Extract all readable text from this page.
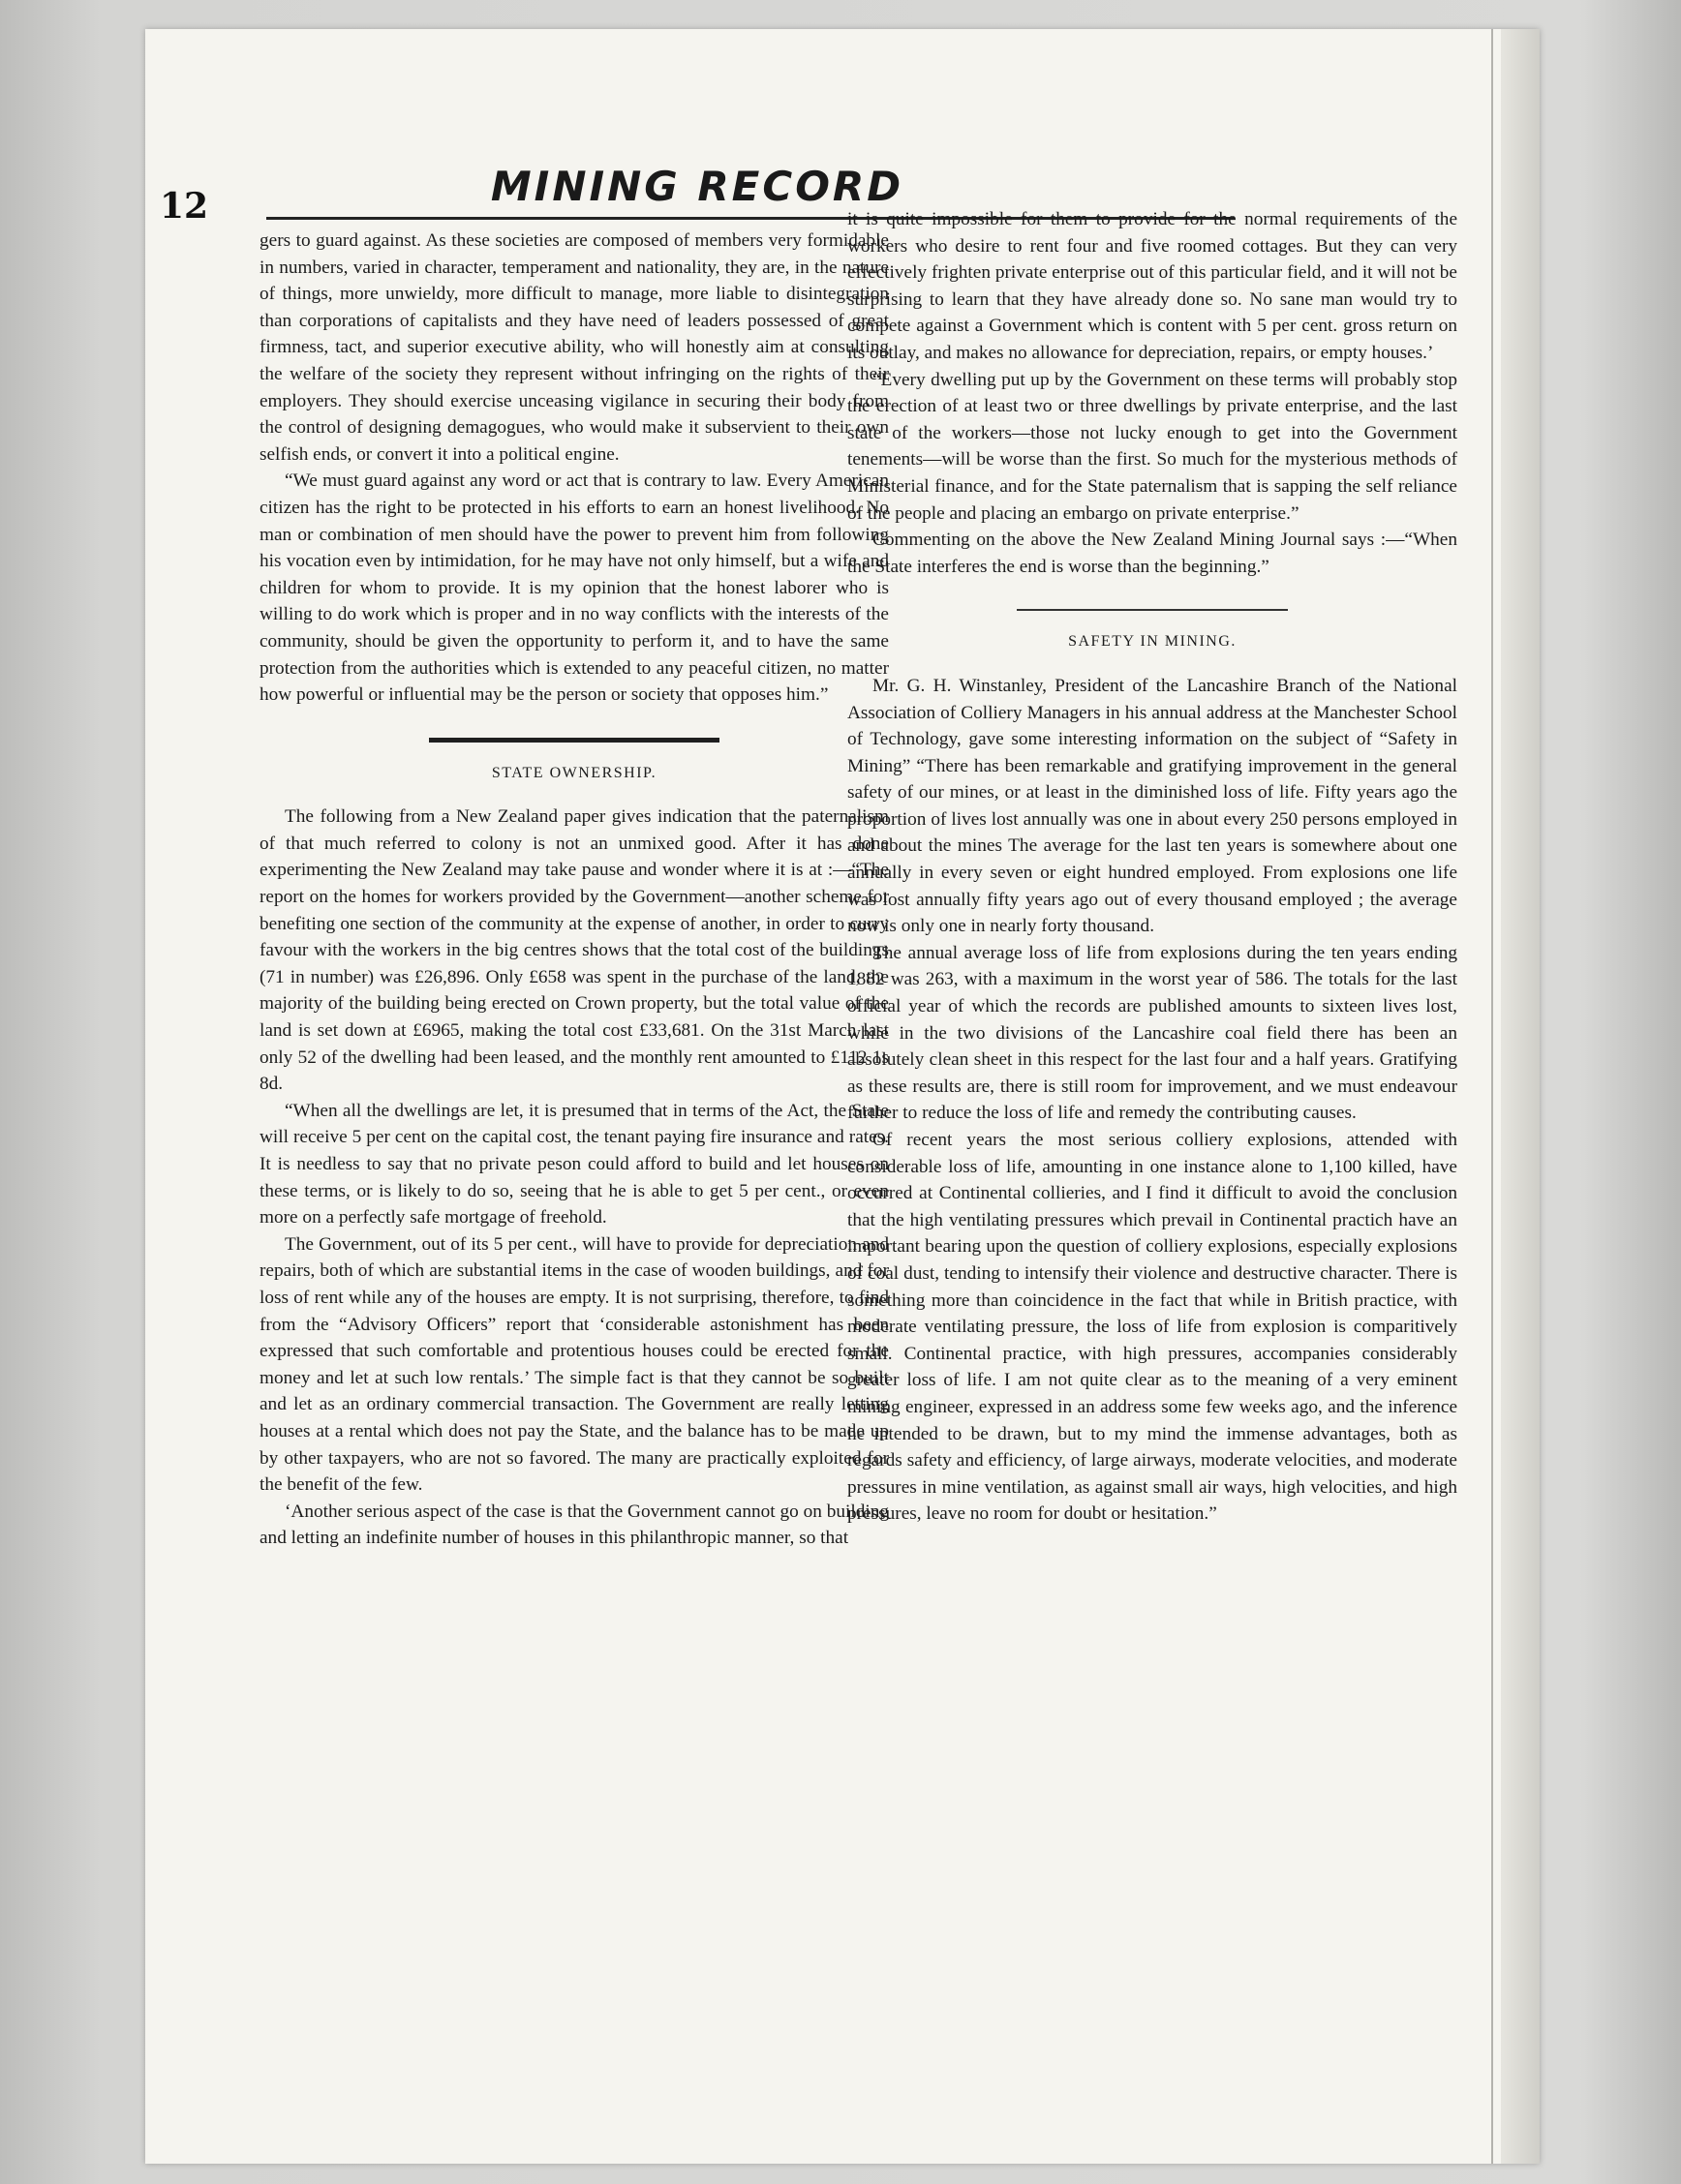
12	MINING RECORD

gers to guard against. As these societies are composed of members very formidable in numbers, varied in character, temperament and nationality, they are, in the nature of things, more unwieldy, more difficult to manage, more liable to disintegration than corporations of capitalists and they have need of leaders possessed of great firmness, tact, and superior executive ability, who will honestly aim at consulting the welfare of the society they represent without infringing on the rights of their employers. They should exercise unceasing vigilance in securing their body from the control of designing demagogues, who would make it subservient to their own selfish ends, or convert it into a political engine.

“We must guard against any word or act that is contrary to law. Every American citizen has the right to be protected in his efforts to earn an honest livelihood. No man or combination of men should have the power to prevent him from following his vocation even by intimidation, for he may have not only himself, but a wife and children for whom to provide. It is my opinion that the honest laborer who is willing to do work which is proper and in no way conflicts with the interests of the community, should be given the opportunity to perform it, and to have the same protection from the authorities which is extended to any peaceful citizen, no matter how powerful or influential may be the person or society that opposes him.”

STATE OWNERSHIP.

The following from a New Zealand paper gives indication that the paternalism of that much referred to colony is not an unmixed good. After it has done experimenting the New Zealand may take pause and wonder where it is at :—“The report on the homes for workers provided by the Government—another scheme for benefiting one section of the community at the expense of another, in order to curry favour with the workers in the big centres shows that the total cost of the buildings (71 in number) was £26,896. Only £658 was spent in the purchase of the land, the majority of the building being erected on Crown property, but the total value of the land is set down at £6965, making the total cost £33,681. On the 31st March last only 52 of the dwelling had been leased, and the monthly rent amounted to £112 1s 8d.

“When all the dwellings are let, it is presumed that in terms of the Act, the State will receive 5 per cent on the capital cost, the tenant paying fire insurance and rates. It is needless to say that no private peson could afford to build and let houses on these terms, or is likely to do so, seeing that he is able to get 5 per cent., or even more on a perfectly safe mortgage of freehold.

The Government, out of its 5 per cent., will have to provide for depreciation and repairs, both of which are substantial items in the case of wooden buildings, and for loss of rent while any of the houses are empty. It is not surprising, therefore, to find from the “Advisory Officers” report that ‘considerable astonishment has been expressed that such comfortable and protentious houses could be erected for the money and let at such low rentals.’ The simple fact is that they cannot be so built and let as an ordinary commercial transaction. The Government are really letting houses at a rental which does not pay the State, and the balance has to be made up by other taxpayers, who are not so favored. The many are practically exploited for the benefit of the few.

‘Another serious aspect of the case is that the Government cannot go on building and letting an indefinite number of houses in this philanthropic manner, so that

it is quite impossible for them to provide for the normal requirements of the workers who desire to rent four and five roomed cottages. But they can very effectively frighten private enterprise out of this particular field, and it will not be surprising to learn that they have already done so. No sane man would try to compete against a Government which is content with 5 per cent. gross return on its outlay, and makes no allowance for depreciation, repairs, or empty houses.’

“Every dwelling put up by the Government on these terms will probably stop the erection of at least two or three dwellings by private enterprise, and the last state of the workers—those not lucky enough to get into the Government tenements—will be worse than the first. So much for the mysterious methods of Ministerial finance, and for the State paternalism that is sapping the self reliance of the people and placing an embargo on private enterprise.”

Commenting on the above the New Zealand Mining Journal says :—“When the State interferes the end is worse than the beginning.”

SAFETY IN MINING.

Mr. G. H. Winstanley, President of the Lancashire Branch of the National Association of Colliery Managers in his annual address at the Manchester School of Technology, gave some interesting information on the subject of “Safety in Mining” “There has been remarkable and gratifying improvement in the general safety of our mines, or at least in the diminished loss of life. Fifty years ago the proportion of lives lost annually was one in about every 250 persons employed in and about the mines The average for the last ten years is somewhere about one annually in every seven or eight hundred employed. From explosions one life was lost annually fifty years ago out of every thousand employed ; the average now is only one in nearly forty thousand.

The annual average loss of life from explosions during the ten years ending 1882 was 263, with a maximum in the worst year of 586. The totals for the last official year of which the records are published amounts to sixteen lives lost, while in the two divisions of the Lancashire coal field there has been an absolutely clean sheet in this respect for the last four and a half years. Gratifying as these results are, there is still room for improvement, and we must endeavour further to reduce the loss of life and remedy the contributing causes.

Of recent years the most serious colliery explosions, attended with considerable loss of life, amounting in one instance alone to 1,100 killed, have occurred at Continental collieries, and I find it difficult to avoid the conclusion that the high ventilating pressures which prevail in Continental practich have an important bearing upon the question of colliery explosions, especially explosions of coal dust, tending to intensify their violence and destructive character. There is something more than coincidence in the fact that while in British practice, with moderate ventilating pressure, the loss of life from explosion is comparitively small. Continental practice, with high pressures, accompanies considerably greater loss of life. I am not quite clear as to the meaning of a very eminent mining engineer, expressed in an address some few weeks ago, and the inference he intended to be drawn, but to my mind the immense advantages, both as regards safety and efficiency, of large airways, moderate velocities, and moderate pressures in mine ventilation, as against small air ways, high velocities, and high pressures, leave no room for doubt or hesitation.”
